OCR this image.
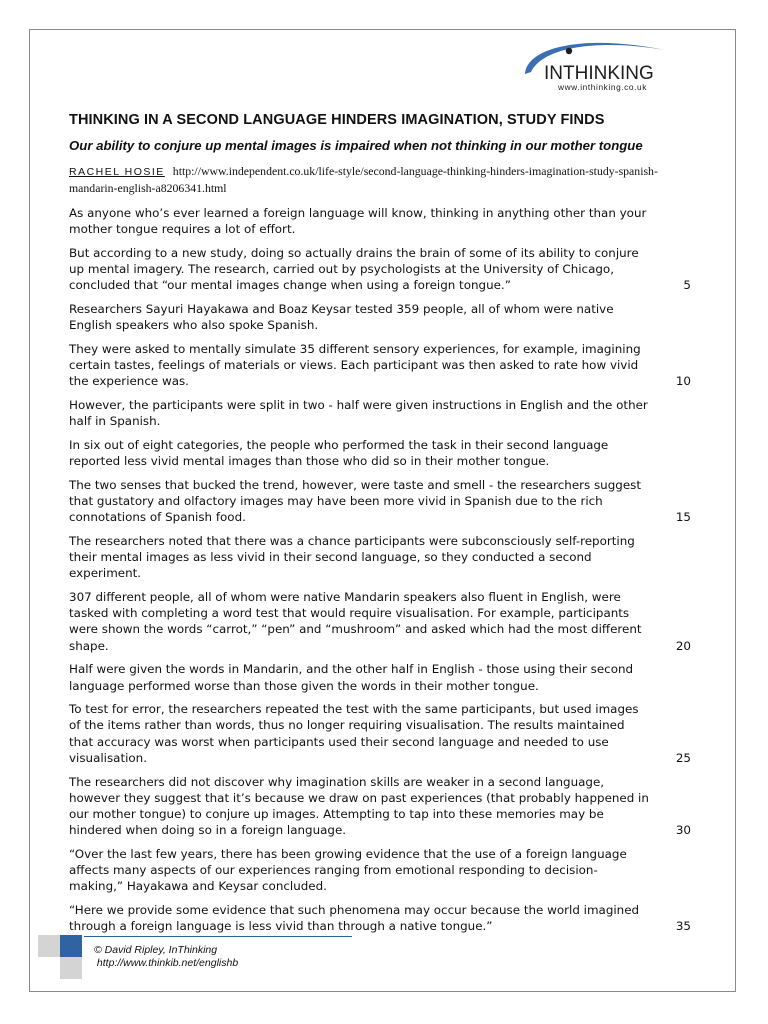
INTHINKING
www.inthinking.co.uk
THINKING IN A SECOND LANGUAGE HINDERS IMAGINATION, STUDY FINDS
Our ability to conjure up mental images is impaired when not thinking in our mother tongue
RACHEL HOSIE http://www.independent.co.uk/life-style/second-language-thinking-hinders-imagination-study-spanish-
mandarin-english-a8206341.html

As anyone who’s ever learned a foreign language will know, thinking in anything other than your mother tongue requires a lot of effort.

But according to a new study, doing so actually drains the brain of some of its ability to conjure up mental imagery. The research, carried out by psychologists at the University of Chicago, concluded that “our mental images change when using a foreign tongue.”	5

Researchers Sayuri Hayakawa and Boaz Keysar tested 359 people, all of whom were native English speakers who also spoke Spanish.

They were asked to mentally simulate 35 different sensory experiences, for example, imagining certain tastes, feelings of materials or views. Each participant was then asked to rate how vivid the experience was.	10

However, the participants were split in two - half were given instructions in English and the other half in Spanish.

In six out of eight categories, the people who performed the task in their second language reported less vivid mental images than those who did so in their mother tongue.

The two senses that bucked the trend, however, were taste and smell - the researchers suggest that gustatory and olfactory images may have been more vivid in Spanish due to the rich connotations of Spanish food.	15

The researchers noted that there was a chance participants were subconsciously self-reporting their mental images as less vivid in their second language, so they conducted a second experiment.

307 different people, all of whom were native Mandarin speakers also fluent in English, were tasked with completing a word test that would require visualisation. For example, participants were shown the words “carrot,” “pen” and “mushroom” and asked which had the most different shape.	20

Half were given the words in Mandarin, and the other half in English - those using their second language performed worse than those given the words in their mother tongue.

To test for error, the researchers repeated the test with the same participants, but used images of the items rather than words, thus no longer requiring visualisation. The results maintained that accuracy was worst when participants used their second language and needed to use visualisation.	25

The researchers did not discover why imagination skills are weaker in a second language, however they suggest that it’s because we draw on past experiences (that probably happened in our mother tongue) to conjure up images. Attempting to tap into these memories may be hindered when doing so in a foreign language.	30

“Over the last few years, there has been growing evidence that the use of a foreign language affects many aspects of our experiences ranging from emotional responding to decision-making,” Hayakawa and Keysar concluded.

“Here we provide some evidence that such phenomena may occur because the world imagined through a foreign language is less vivid than through a native tongue.”	35

© David Ripley, InThinking
http://www.thinkib.net/englishb
